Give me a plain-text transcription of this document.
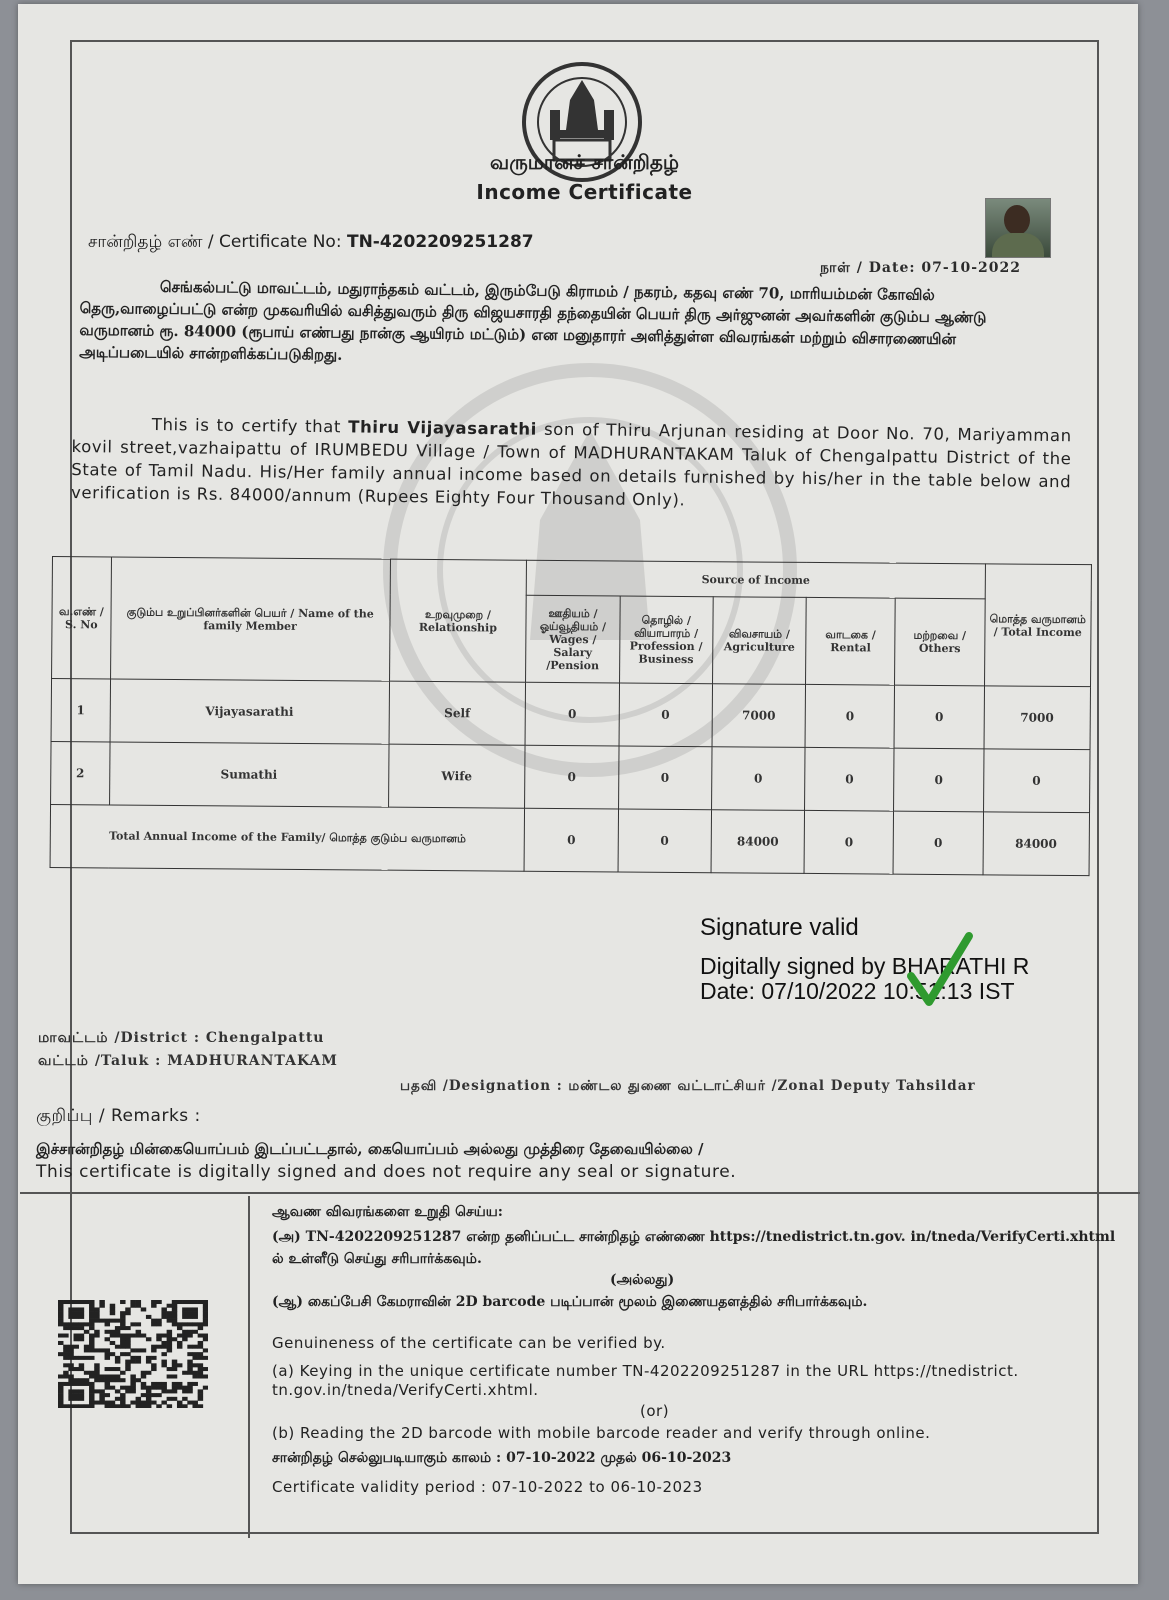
வருமானச் சான்றிதழ்
Income Certificate
சான்றிதழ் எண் / Certificate No: TN-4202209251287
நாள் / Date: 07-10-2022
செங்கல்பட்டு மாவட்டம், மதுராந்தகம் வட்டம், இரும்பேடு கிராமம் / நகரம், கதவு எண் 70, மாரியம்மன் கோவில் தெரு,வாழைப்பட்டு என்ற முகவரியில் வசித்துவரும் திரு விஜயசாரதி தந்தையின் பெயர் திரு அர்ஜுனன் அவர்களின் குடும்ப ஆண்டு வருமானம் ரூ. 84000 (ரூபாய் எண்பது நான்கு ஆயிரம் மட்டும்) என மனுதாரர் அளித்துள்ள விவரங்கள் மற்றும் விசாரணையின் அடிப்படையில் சான்றளிக்கப்படுகிறது.
This is to certify that Thiru Vijayasarathi son of Thiru Arjunan residing at Door No. 70, Mariyamman kovil street,vazhaipattu of IRUMBEDU Village / Town of MADHURANTAKAM Taluk of Chengalpattu District of the State of Tamil Nadu. His/Her family annual income based on details furnished by his/her in the table below and verification is Rs. 84000/annum (Rupees Eighty Four Thousand Only).
வ.எண் / S. No	குடும்ப உறுப்பினர்களின் பெயர் / Name of the family Member	உறவுமுறை / Relationship	Source of Income					மொத்த வருமானம் / Total Income
			ஊதியம் / ஓய்வூதியம் / Wages / Salary /Pension	தொழில் / வியாபாரம் / Profession / Business	விவசாயம் / Agriculture	வாடகை / Rental	மற்றவை / Others	
1	Vijayasarathi	Self	0	0	7000	0	0	7000
2	Sumathi	Wife	0	0	0	0	0	0
Total Annual Income of the Family/ மொத்த குடும்ப வருமானம்			0	0	84000	0	0	84000
Signature valid
Digitally signed by BHARATHI R
Date: 07/10/2022 10:51:13 IST
மாவட்டம் /District : Chengalpattu
வட்டம் /Taluk : MADHURANTAKAM
பதவி /Designation : மண்டல துணை வட்டாட்சியர் /Zonal Deputy Tahsildar
குறிப்பு / Remarks :
இச்சான்றிதழ் மின்கையொப்பம் இடப்பட்டதால், கையொப்பம் அல்லது முத்திரை தேவையில்லை /
This certificate is digitally signed and does not require any seal or signature.
ஆவண விவரங்களை உறுதி செய்ய:
(அ) TN-4202209251287 என்ற தனிப்பட்ட சான்றிதழ் எண்ணை https://tnedistrict.tn.gov. in/tneda/VerifyCerti.xhtml ல் உள்ளீடு செய்து சரிபார்க்கவும்.
(அல்லது)
(ஆ) கைப்பேசி கேமராவின் 2D barcode படிப்பான் மூலம் இணையதளத்தில் சரிபார்க்கவும்.
Genuineness of the certificate can be verified by.
(a) Keying in the unique certificate number TN-4202209251287 in the URL https://tnedistrict. tn.gov.in/tneda/VerifyCerti.xhtml.
(or)
(b) Reading the 2D barcode with mobile barcode reader and verify through online.
சான்றிதழ் செல்லுபடியாகும் காலம் : 07-10-2022 முதல் 06-10-2023
Certificate validity period : 07-10-2022 to 06-10-2023
